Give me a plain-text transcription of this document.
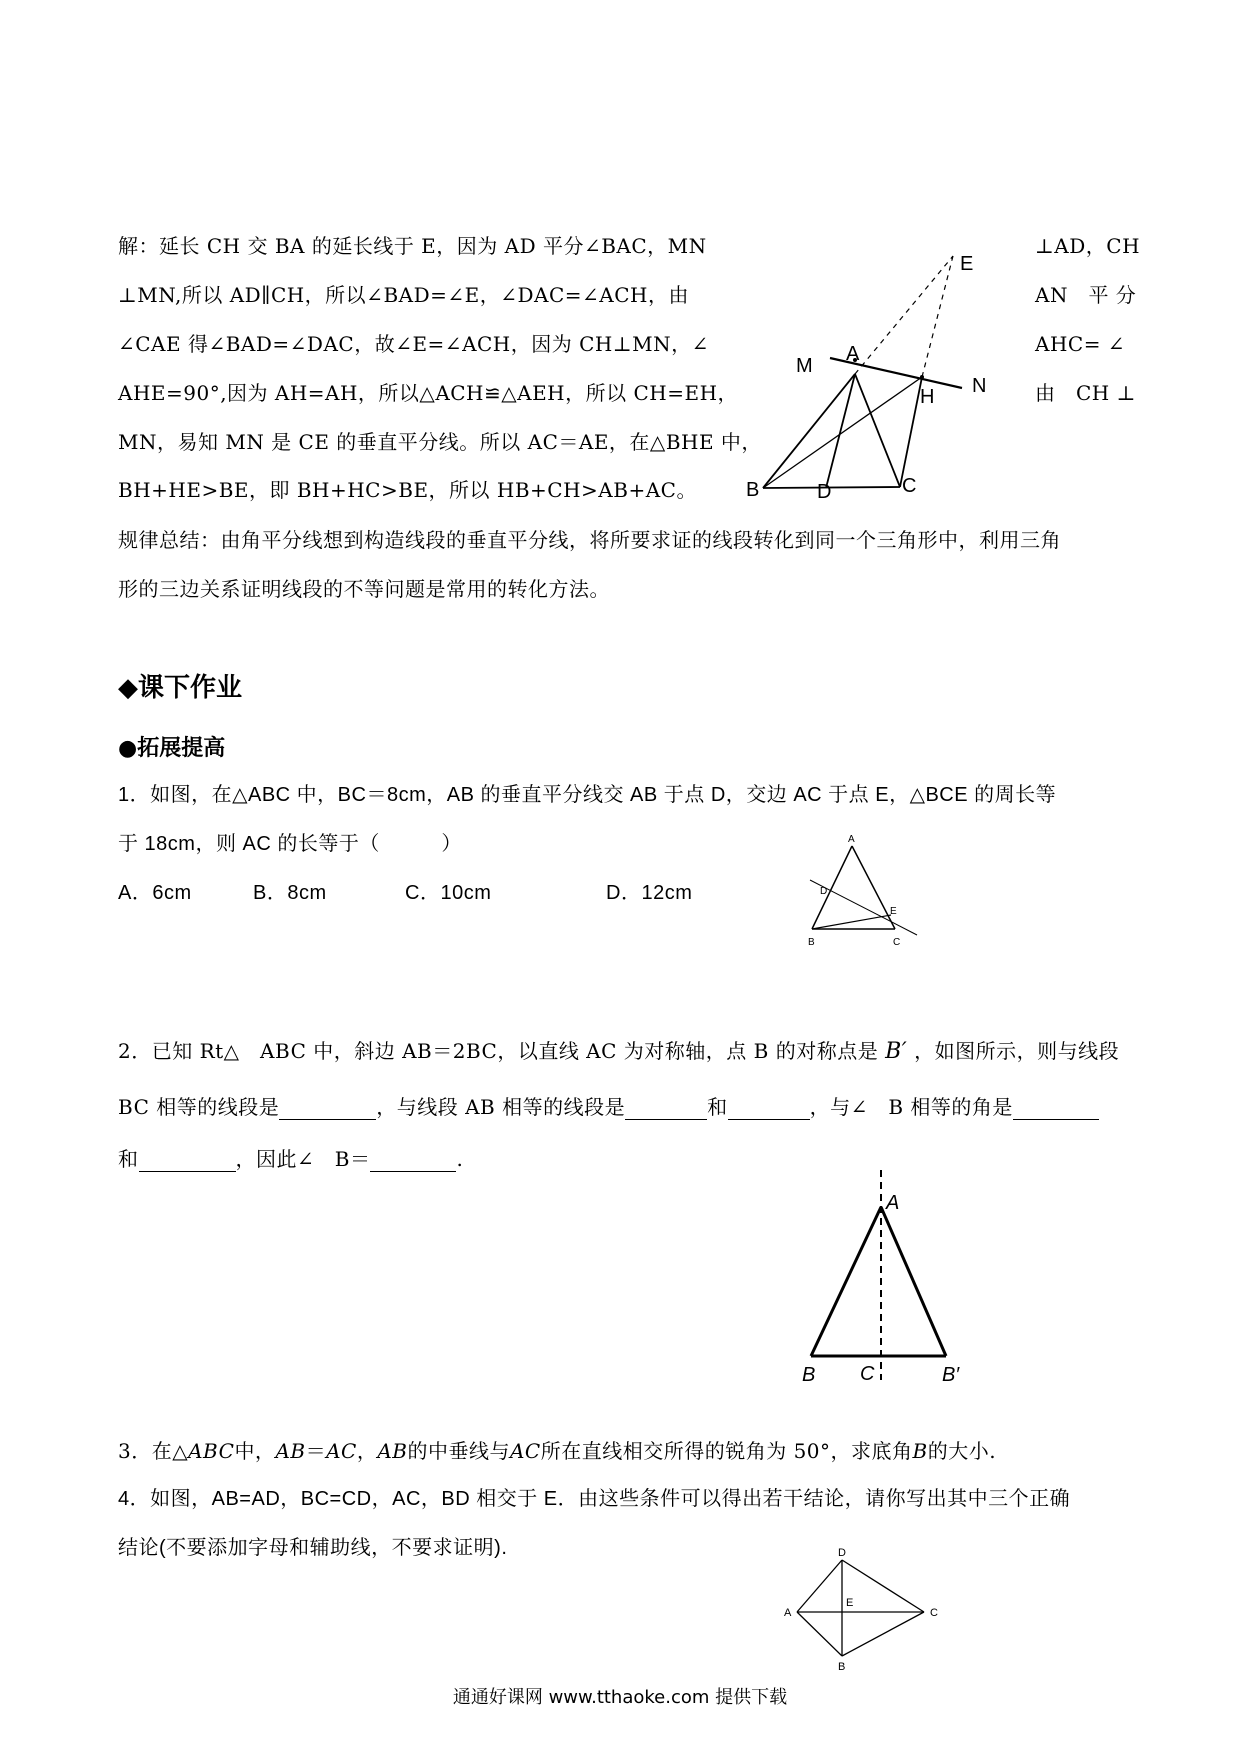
解：延长 CH 交 BA 的延长线于 E，因为 AD 平分∠BAC，MN
⊥MN,所以 AD∥CH，所以∠BAD=∠E，∠DAC=∠ACH，由
∠CAE 得∠BAD=∠DAC，故∠E=∠ACH，因为 CH⊥MN，∠
AHE=90°,因为 AH=AH，所以△ACH≌△AEH，所以 CH=EH，
MN，易知 MN 是 CE 的垂直平分线。所以 AC＝AE，在△BHE 中，
BH+HE>BE，即 BH+HC>BE，所以 HB+CH>AB+AC。
⊥AD，CH
AN　平 分
AHC= ∠
由　CH ⊥
规律总结：由角平分线想到构造线段的垂直平分线，将所要求证的线段转化到同一个三角形中，利用三角
形的三边关系证明线段的不等问题是常用的转化方法。
E
M
A
H N
B	D	C
◆课下作业
●拓展提高
1．如图，在△ABC 中，BC＝8cm，AB 的垂直平分线交 AB 于点 D，交边 AC 于点 E，△BCE 的周长等
于 18cm，则 AC 的长等于（　　　）
A．6cm	B．8cm	C．10cm	D．12cm
A
D
E
B	C
2．已知 Rt△　ABC 中，斜边 AB＝2BC，以直线 AC 为对称轴，点 B 的对称点是 B′ ，如图所示，则与线段
BC 相等的线段是	，与线段 AB 相等的线段是	和	，与∠　B 相等的角是
和	，因此∠　B＝	.
A
B C	B′
3．在△ABC中，AB＝AC，AB的中垂线与AC所在直线相交所得的锐角为 50°，求底角B的大小.
4．如图，AB=AD，BC=CD，AC，BD 相交于 E．由这些条件可以得出若干结论，请你写出其中三个正确
结论(不要添加字母和辅助线，不要求证明).	D
A
E
C
B
通通好课网 www.tthaoke.com 提供下载
